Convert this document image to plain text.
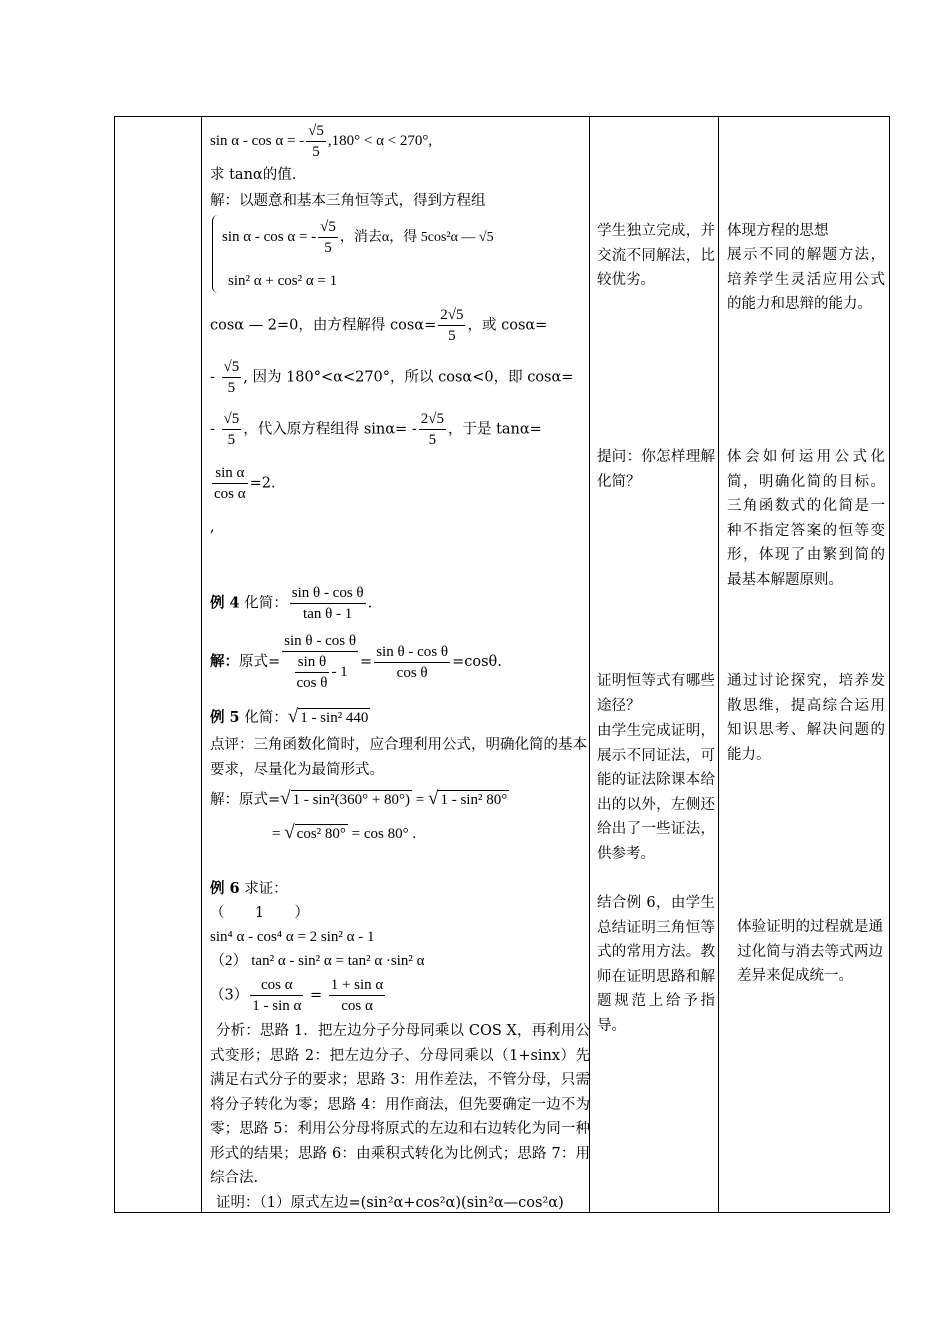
sin α - cos α = - $\frac{√5}{5} ,180^\circ < \alpha < 270^\circ$,
求 tanα的值.
解：以题意和基本三角恒等式，得到方程组
sin α - cos α = - $\frac{√5}{5}$ ，消去α，得 5cos²α — √5
sin² α + cos² α = 1
cosα — 2=0，由方程解得 $\cos\alpha= \frac{2√5}{5}$ ，或 cosα=
- $\frac{√5}{5}$ , 因为 180°<α<270°，所以 cosα<0，即 cosα=
- $\frac{√5}{5}$ ，代入原方程组得 $\sin\alpha= - \frac{2√5}{5}$ ，于是 tanα=
$\frac{\text{sin α}}{\text{cos α}} =2$.
,
例 4 化简： $\frac{\text{sin θ - cos θ}}{\text{tan θ - 1}}$ .
解：原式= $\frac{\text{sin θ - cos θ}}{\frac{\text{sin θ}}{\text{cos θ}} - 1} = \frac{\text{sin θ - cos θ}}{\text{cos θ}} =\cos\theta$.
例 5 化简：√ 1 - sin² 440
点评：三角函数化简时，应合理利用公式，明确化简的基本要求，尽量化为最简形式。
解：原式=√ 1 - sin²(360° + 80°) = √ 1 - sin² 80°
= √ cos² 80° = cos 80° .
例 6 求证：
（ 1 ）
sin⁴ α - cos⁴ α = 2 sin² α - 1
（2） tan² α - sin² α = tan² α ·sin² α
$(3) \frac{\text{cos α}}{\text{1 - sin α}} = \frac{\text{1 + sin α}}{\text{cos α}}$
分析：思路 1．把左边分子分母同乘以 COS X，再利用公式变形；思路 2：把左边分子、分母同乘以（1+sinx）先满足右式分子的要求；思路 3：用作差法，不管分母，只需将分子转化为零；思路 4：用作商法，但先要确定一边不为零；思路 5：利用公分母将原式的左边和右边转化为同一种形式的结果；思路 6：由乘积式转化为比例式；思路 7：用综合法.
证明：（1）原式左边=(sin²α+cos²α)(sin²α—cos²α)
学生独立完成，并交流不同解法，比较优劣。
提问：你怎样理解化简？
证明恒等式有哪些途径？
由学生完成证明，展示不同证法，可能的证法除课本给出的以外，左侧还给出了一些证法，供参考。
结合例 6，由学生总结证明三角恒等式的常用方法。教师在证明思路和解题规范上给予指导。
体现方程的思想
展示不同的解题方法，培养学生灵活应用公式的能力和思辩的能力。
体会如何运用公式化简，明确化简的目标。三角函数式的化简是一种不指定答案的恒等变形，体现了由繁到简的最基本解题原则。
通过讨论探究，培养发散思维，提高综合运用知识思考、解决问题的能力。
体验证明的过程就是通过化简与消去等式两边差异来促成统一。
